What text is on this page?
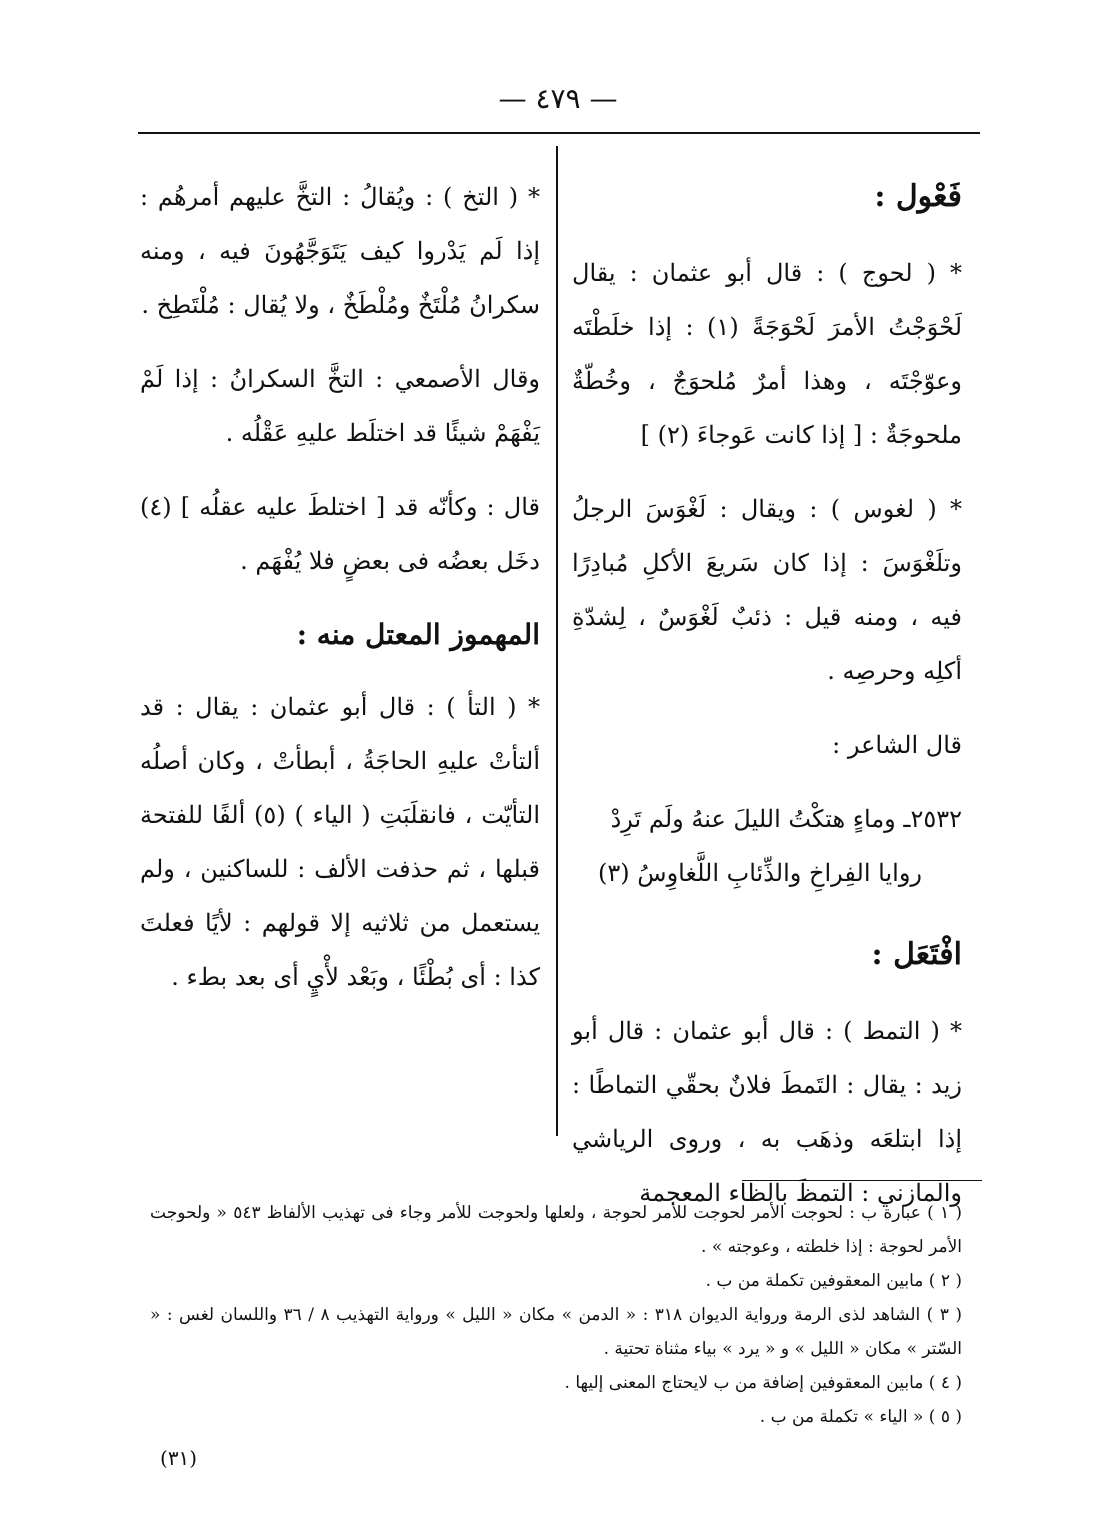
— ٤٧٩ —
فَعْول :

* ( لحوج ) : قال أبو عثمان : يقال لَحْوَجْتُ الأمرَ لَحْوَجَةً (١) : إذا خلَطْتَه وعوّجْتَه ، وهذا أمرٌ مُلحوَجٌ ، وخُطّةٌ ملحوجَةٌ : [ إذا كانت عَوجاءَ (٢) ]

* ( لغوس ) : ويقال : لَغْوَسَ الرجلُ وتلَغْوَسَ : إذا كان سَريعَ الأكلِ مُبادِرًا فيه ، ومنه قيل : ذئبٌ لَغْوَسٌ ، لِشدّةِ أكلِه وحرصِه .

قال الشاعر :

٢٥٣٢ـ وماءٍ هتكْتُ الليلَ عنهُ ولَم تَرِدْ
روايا الفِراخِ والذِّئابِ اللَّغاوِسُ (٣)
افْتَعَل :

* ( التمط ) : قال أبو عثمان : قال أبو زيد : يقال : التَمطَ فلانٌ بحقّي التماطًا : إذا ابتلعَه وذهَب به ، وروى الرياشي والمازني : التمظَ بالظاء المعجمة

* ( التخ ) : ويُقالُ : التخَّ عليهم أمرهُم : إذا لَم يَدْروا كيف يَتَوَجَّهُونَ فيه ، ومنه سكرانُ مُلْتَخٌ ومُلْطَخٌ ، ولا يُقال : مُلْتَطِخ .

وقال الأصمعي : التخَّ السكرانُ : إذا لَمْ يَفْهَمْ شيئًا قد اختلَط عليهِ عَقْلُه .

قال : وكأنّه قد [ اختلطَ عليه عقلُه ] (٤) دخَل بعضُه فى بعضٍ فلا يُفْهَم .

المهموز المعتل منه :

* ( التأ ) : قال أبو عثمان : يقال : قد ألتأتْ عليهِ الحاجَةُ ، أبطأتْ ، وكان أصلُه التأيّت ، فانقلَبَتِ ( الياء ) (٥) ألفًا للفتحة قبلها ، ثم حذفت الألف : للساكنين ، ولم يستعمل من ثلاثيه إلا قولهم : لأيًا فعلتَ كذا : أى بُطْئًا ، وبَعْد لأْيٍ أى بعد بطء .

( ١ ) عبارة ب : لحوجت الأمر لحوجت للأمر لحوجة ، ولعلها ولحوجت للأمر وجاء فى تهذيب الألفاظ ٥٤٣ « ولحوجت الأمر لحوجة : إذا خلطته ، وعوجته » .

( ٢ ) مابين المعقوفين تكملة من ب .

( ٣ ) الشاهد لذى الرمة ورواية الديوان ٣١٨ : « الدمن » مكان « الليل » ورواية التهذيب ٨ / ٣٦ واللسان لغس : « السّتر » مكان « الليل » و « يرد » بياء مثناة تحتية .

( ٤ ) مابين المعقوفين إضافة من ب لايحتاج المعنى إليها .

( ٥ ) « الياء » تكملة من ب .

(٣١)
